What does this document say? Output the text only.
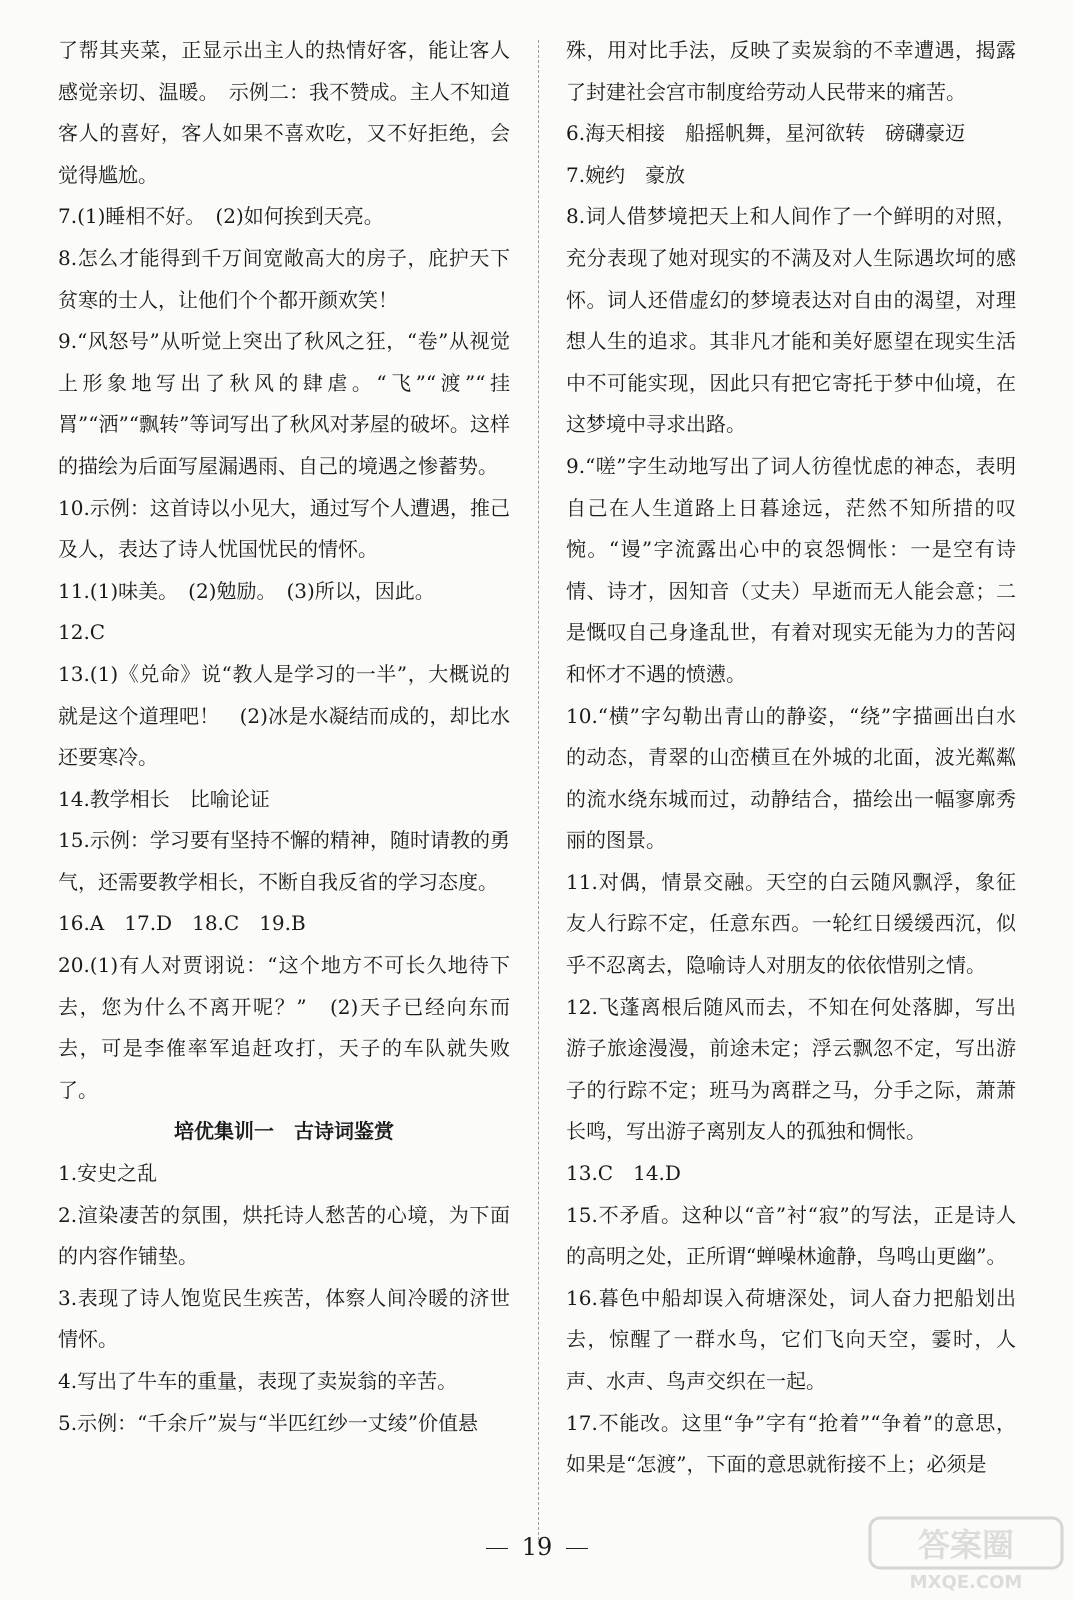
了帮其夹菜，正显示出主人的热情好客，能让客人感觉亲切、温暖。　示例二：我不赞成。主人不知道客人的喜好，客人如果不喜欢吃，又不好拒绝，会觉得尴尬。

7.(1)睡相不好。　(2)如何挨到天亮。

8.怎么才能得到千万间宽敞高大的房子，庇护天下贫寒的士人，让他们个个都开颜欢笑！

9.“风怒号”从听觉上突出了秋风之狂，“卷”从视觉上形象地写出了秋风的肆虐。“飞”“渡”“挂罥”“洒”“飘转”等词写出了秋风对茅屋的破坏。这样的描绘为后面写屋漏遇雨、自己的境遇之惨蓄势。

10.示例：这首诗以小见大，通过写个人遭遇，推己及人，表达了诗人忧国忧民的情怀。

11.(1)味美。　(2)勉励。　(3)所以，因此。

12.C

13.(1)《兑命》说“教人是学习的一半”，大概说的就是这个道理吧！　(2)冰是水凝结而成的，却比水还要寒冷。

14.教学相长　比喻论证

15.示例：学习要有坚持不懈的精神，随时请教的勇气，还需要教学相长，不断自我反省的学习态度。

16.A　17.D　18.C　19.B

20.(1)有人对贾诩说：“这个地方不可长久地待下去，您为什么不离开呢？”　(2)天子已经向东而去，可是李傕率军追赶攻打，天子的车队就失败了。

培优集训一　古诗词鉴赏

1.安史之乱

2.渲染凄苦的氛围，烘托诗人愁苦的心境，为下面的内容作铺垫。

3.表现了诗人饱览民生疾苦，体察人间冷暖的济世情怀。

4.写出了牛车的重量，表现了卖炭翁的辛苦。

5.示例：“千余斤”炭与“半匹红纱一丈绫”价值悬

殊，用对比手法，反映了卖炭翁的不幸遭遇，揭露了封建社会宫市制度给劳动人民带来的痛苦。

6.海天相接　船摇帆舞，星河欲转　磅礴豪迈

7.婉约　豪放

8.词人借梦境把天上和人间作了一个鲜明的对照，充分表现了她对现实的不满及对人生际遇坎坷的感怀。词人还借虚幻的梦境表达对自由的渴望，对理想人生的追求。其非凡才能和美好愿望在现实生活中不可能实现，因此只有把它寄托于梦中仙境，在这梦境中寻求出路。

9.“嗟”字生动地写出了词人彷徨忧虑的神态，表明自己在人生道路上日暮途远，茫然不知所措的叹惋。“谩”字流露出心中的哀怨惆怅：一是空有诗情、诗才，因知音（丈夫）早逝而无人能会意；二是慨叹自己身逢乱世，有着对现实无能为力的苦闷和怀才不遇的愤懑。

10.“横”字勾勒出青山的静姿，“绕”字描画出白水的动态，青翠的山峦横亘在外城的北面，波光粼粼的流水绕东城而过，动静结合，描绘出一幅寥廓秀丽的图景。

11.对偶，情景交融。天空的白云随风飘浮，象征友人行踪不定，任意东西。一轮红日缓缓西沉，似乎不忍离去，隐喻诗人对朋友的依依惜别之情。

12.飞蓬离根后随风而去，不知在何处落脚，写出游子旅途漫漫，前途未定；浮云飘忽不定，写出游子的行踪不定；班马为离群之马，分手之际，萧萧长鸣，写出游子离别友人的孤独和惆怅。

13.C　14.D

15.不矛盾。这种以“音”衬“寂”的写法，正是诗人的高明之处，正所谓“蝉噪林逾静，鸟鸣山更幽”。

16.暮色中船却误入荷塘深处，词人奋力把船划出去，惊醒了一群水鸟，它们飞向天空，霎时，人声、水声、鸟声交织在一起。

17.不能改。这里“争”字有“抢着”“争着”的意思，如果是“怎渡”，下面的意思就衔接不上；必须是

19	答案圈
MXQE.COM
